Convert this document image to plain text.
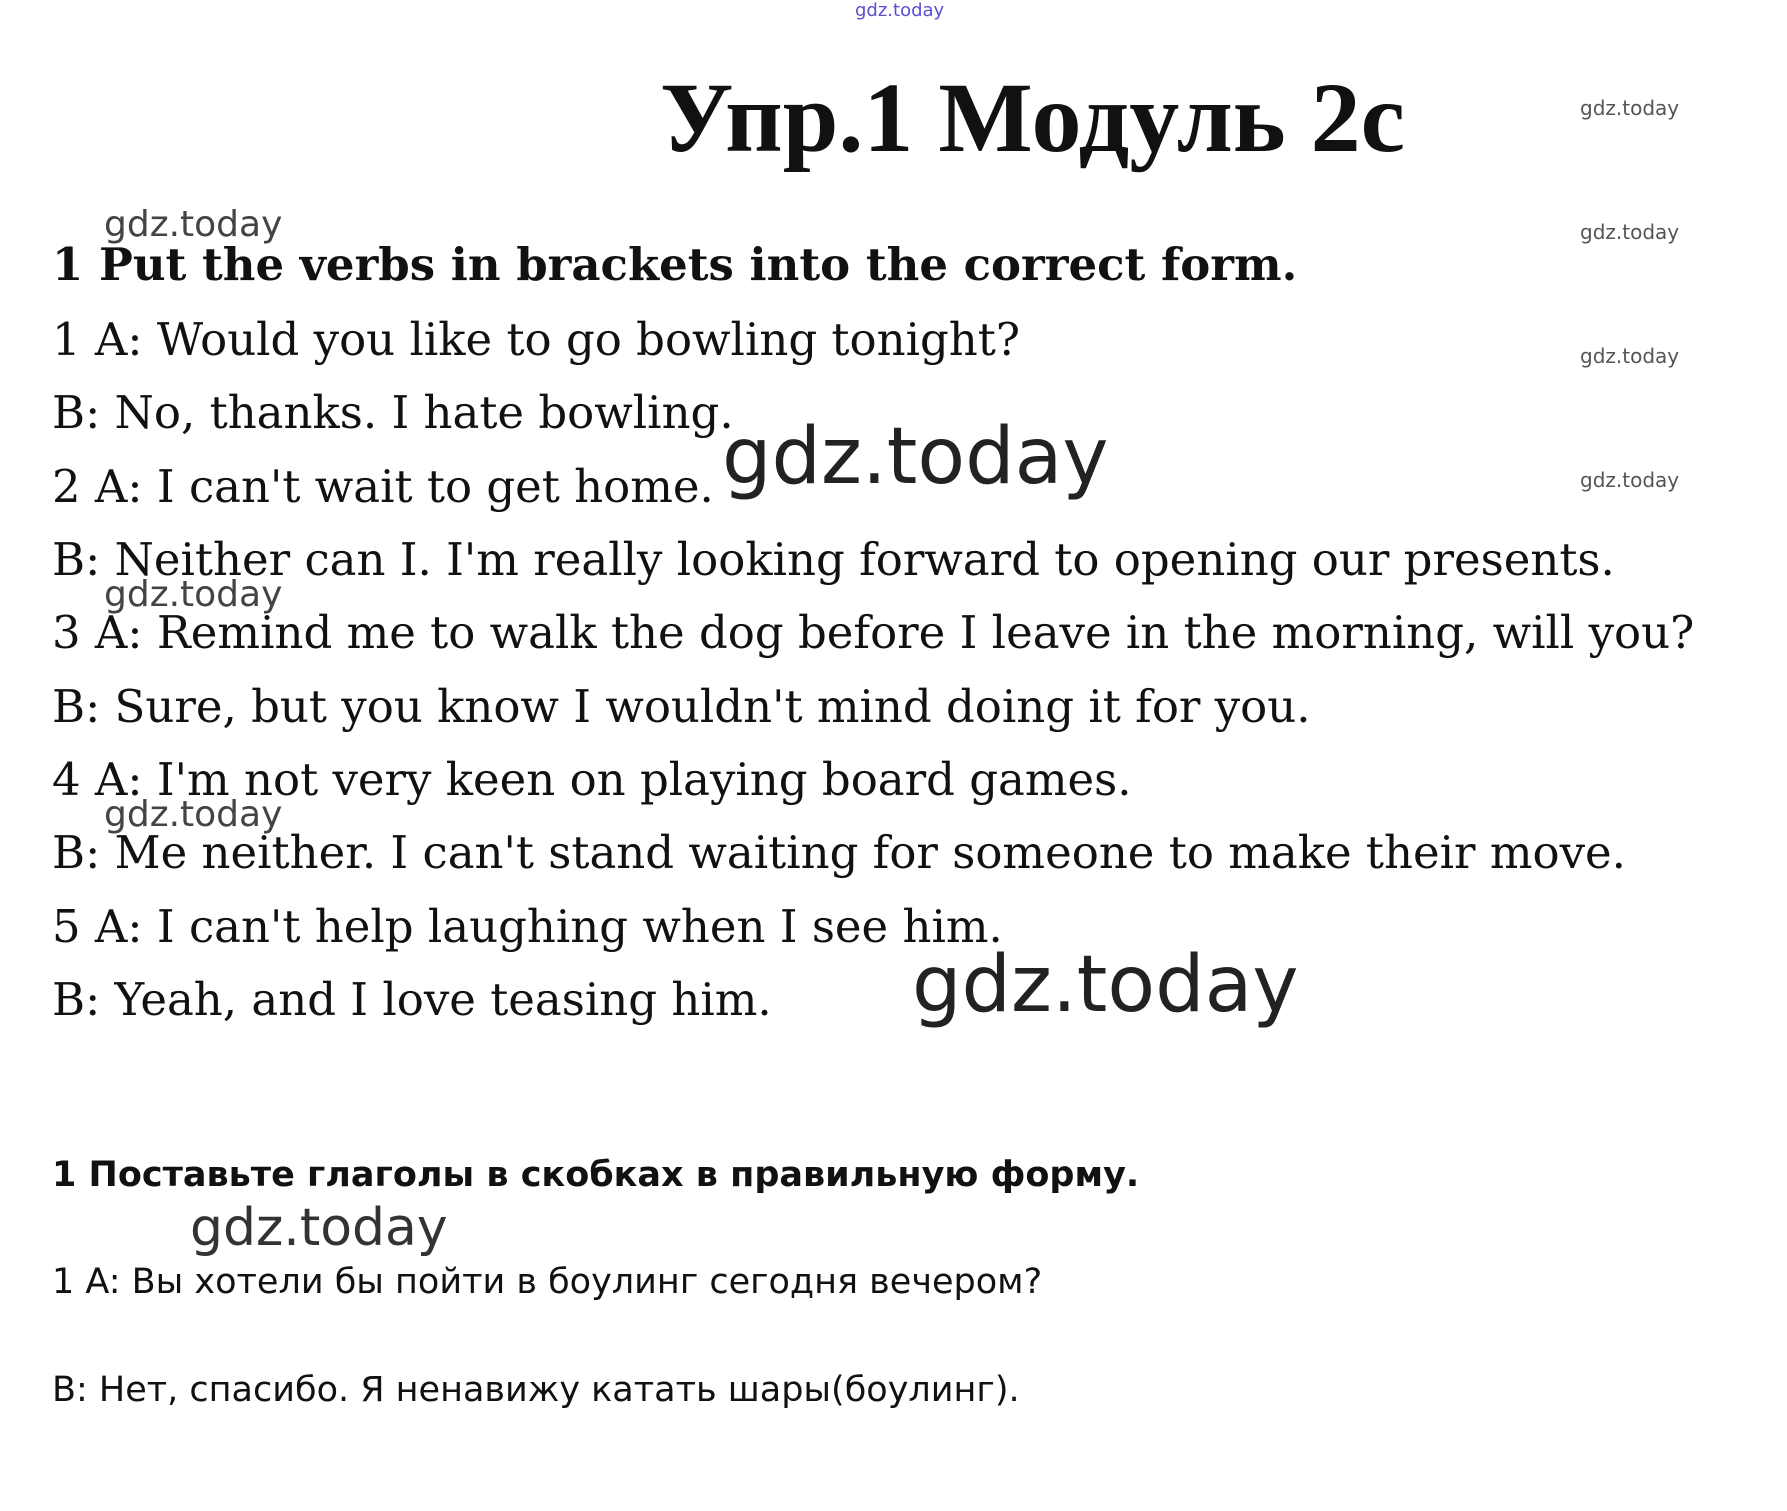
gdz.today
gdz.today
gdz.today
gdz.today
gdz.today
gdz.today
gdz.today
gdz.today
gdz.today
gdz.today
gdz.today
Упр.1 Модуль 2c
1 Put the verbs in brackets into the correct form.
1 A: Would you like to go bowling tonight?
B: No, thanks. I hate bowling.
2 A: I can't wait to get home.
B: Neither can I. I'm really looking forward to opening our presents.
3 A: Remind me to walk the dog before I leave in the morning, will you?
B: Sure, but you know I wouldn't mind doing it for you.
4 A: I'm not very keen on playing board games.
B: Me neither. I can't stand waiting for someone to make their move.
5 A: I can't help laughing when I see him.
B: Yeah, and I love teasing him.
1 Поставьте глаголы в скобках в правильную форму.
1 A: Вы хотели бы пойти в боулинг сегодня вечером?
B: Нет, спасибо. Я ненавижу катать шары(боулинг).
